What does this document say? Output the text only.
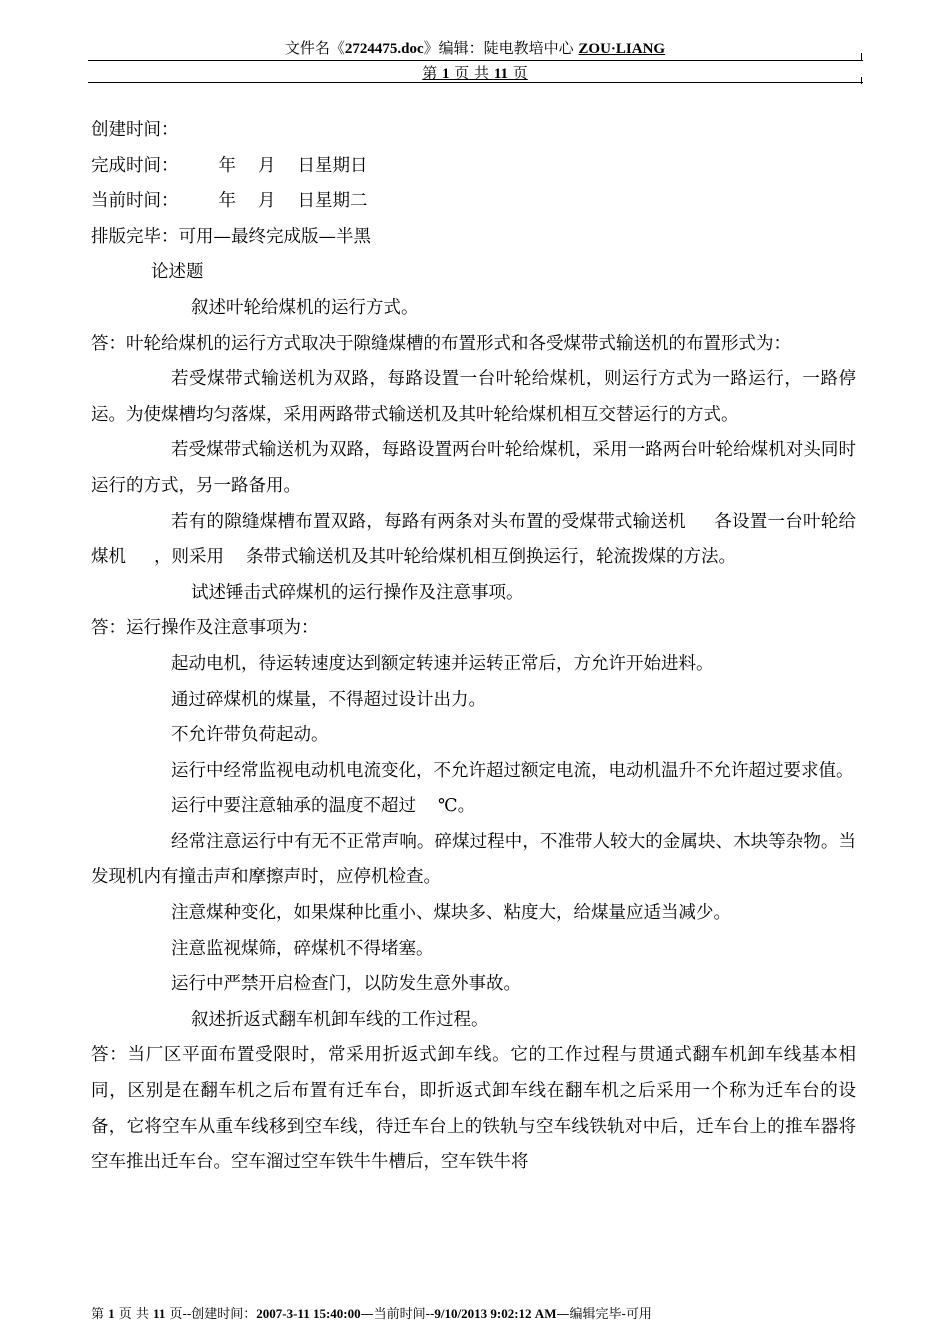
文件名《2724475.doc》编辑：陡电教培中心 ZOU·LIANG
第 1 页 共 11 页

创建时间：

完成时间： 年 月 日星期日

当前时间： 年 月 日星期二

排版完毕：可用—最终完成版—半黑

论述题

叙述叶轮给煤机的运行方式。

答：叶轮给煤机的运行方式取决于隙缝煤槽的布置形式和各受煤带式输送机的布置形式为：

若受煤带式输送机为双路，每路设置一台叶轮给煤机，则运行方式为一路运行，一路停运。为使煤槽均匀落煤，采用两路带式输送机及其叶轮给煤机相互交替运行的方式。

若受煤带式输送机为双路，每路设置两台叶轮给煤机，采用一路两台叶轮给煤机对头同时运行的方式，另一路备用。

若有的隙缝煤槽布置双路，每路有两条对头布置的受煤带式输送机 各设置一台叶轮给煤机 ，则采用 条带式输送机及其叶轮给煤机相互倒换运行，轮流拨煤的方法。

试述锤击式碎煤机的运行操作及注意事项。

答：运行操作及注意事项为：

起动电机，待运转速度达到额定转速并运转正常后，方允许开始进料。

通过碎煤机的煤量，不得超过设计出力。

不允许带负荷起动。

运行中经常监视电动机电流变化，不允许超过额定电流，电动机温升不允许超过要求值。

运行中要注意轴承的温度不超过 ℃。

经常注意运行中有无不正常声响。碎煤过程中，不准带人较大的金属块、木块等杂物。当发现机内有撞击声和摩擦声时，应停机检查。

注意煤种变化，如果煤种比重小、煤块多、粘度大，给煤量应适当减少。

注意监视煤筛，碎煤机不得堵塞。

运行中严禁开启检查门，以防发生意外事故。

叙述折返式翻车机卸车线的工作过程。

答：当厂区平面布置受限时，常采用折返式卸车线。它的工作过程与贯通式翻车机卸车线基本相同，区别是在翻车机之后布置有迁车台，即折返式卸车线在翻车机之后采用一个称为迁车台的设备，它将空车从重车线移到空车线，待迁车台上的铁轨与空车线铁轨对中后，迁车台上的推车器将空车推出迁车台。空车溜过空车铁牛牛槽后，空车铁牛将

第 1 页 共 11 页--创建时间：2007-3-11 15:40:00—当前时间--9/10/2013 9:02:12 AM—编辑完毕-可用
